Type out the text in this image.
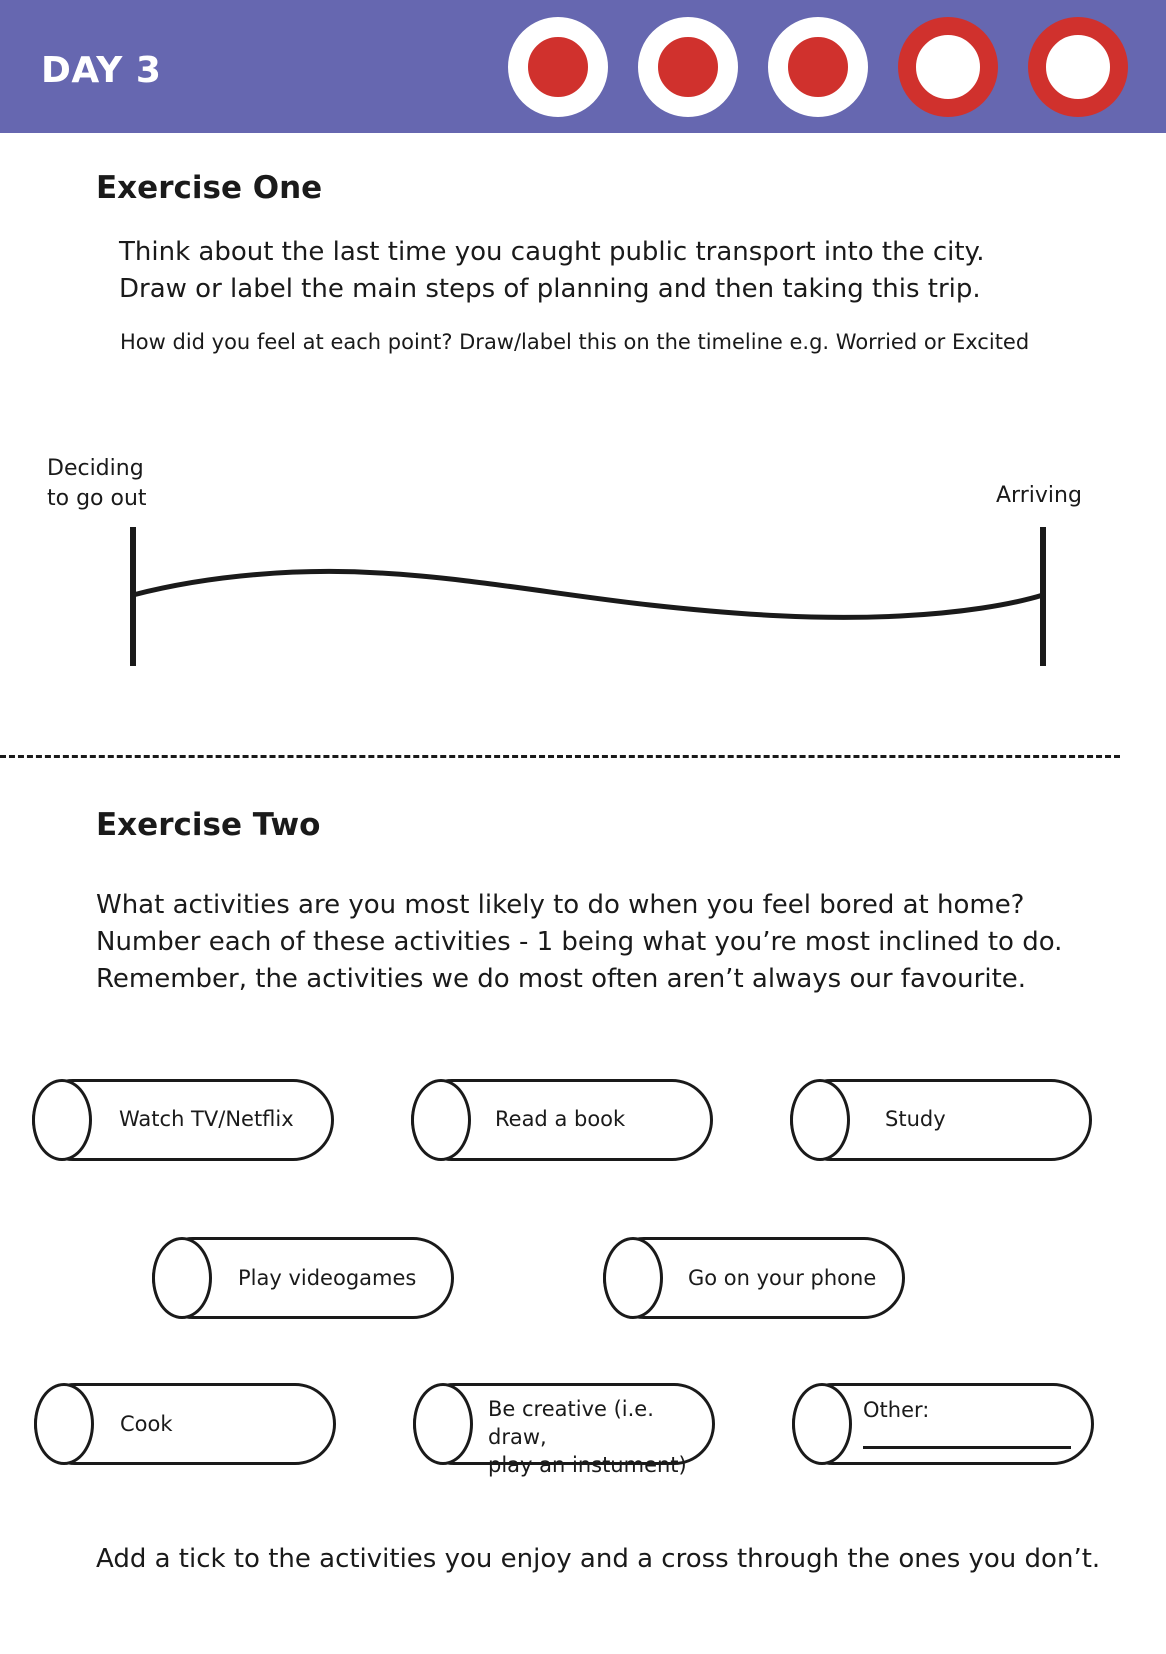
DAY 3
Exercise One
Think about the last time you caught public transport into the city.
Draw or label the main steps of planning and then taking this trip.
How did you feel at each point? Draw/label this on the timeline e.g. Worried or Excited
Deciding
to go out	Arriving
Exercise Two
What activities are you most likely to do when you feel bored at home?
Number each of these activities - 1 being what you’re most inclined to do.
Remember, the activities we do most often aren’t always our favourite.
Watch TV/Netflix	Read a book	Study
Play videogames	Go on your phone
Cook
Be creative (i.e. draw,
play an instument)
Other:
Add a tick to the activities you enjoy and a cross through the ones you don’t.
